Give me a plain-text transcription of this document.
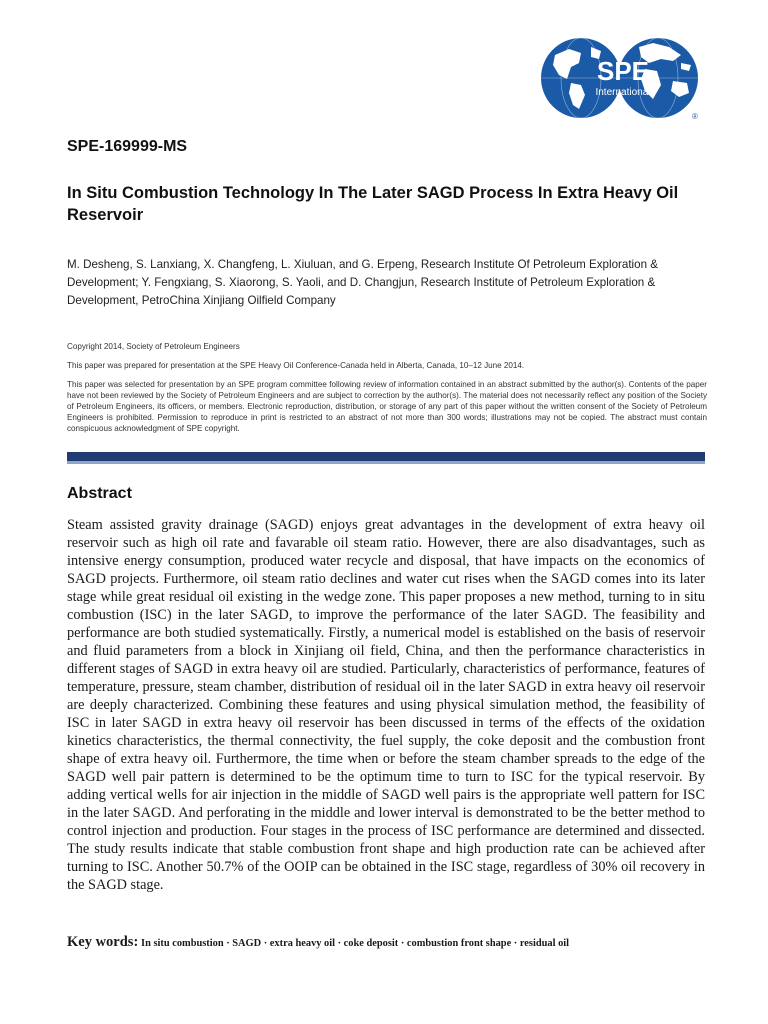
SPE
International
®
SPE-169999-MS
In Situ Combustion Technology In The Later SAGD Process In Extra Heavy Oil Reservoir
M. Desheng, S. Lanxiang, X. Changfeng, L. Xiuluan, and G. Erpeng, Research Institute Of Petroleum Exploration & Development; Y. Fengxiang, S. Xiaorong, S. Yaoli, and D. Changjun, Research Institute of Petroleum Exploration & Development, PetroChina Xinjiang Oilfield Company
Copyright 2014, Society of Petroleum Engineers
This paper was prepared for presentation at the SPE Heavy Oil Conference-Canada held in Alberta, Canada, 10–12 June 2014.
This paper was selected for presentation by an SPE program committee following review of information contained in an abstract submitted by the author(s). Contents of the paper have not been reviewed by the Society of Petroleum Engineers and are subject to correction by the author(s). The material does not necessarily reflect any position of the Society of Petroleum Engineers, its officers, or members. Electronic reproduction, distribution, or storage of any part of this paper without the written consent of the Society of Petroleum Engineers is prohibited. Permission to reproduce in print is restricted to an abstract of not more than 300 words; illustrations may not be copied. The abstract must contain conspicuous acknowledgment of SPE copyright.
Abstract
Steam assisted gravity drainage (SAGD) enjoys great advantages in the development of extra heavy oil reservoir such as high oil rate and favarable oil steam ratio. However, there are also disadvantages, such as intensive energy consumption, produced water recycle and disposal, that have impacts on the economics of SAGD projects. Furthermore, oil steam ratio declines and water cut rises when the SAGD comes into its later stage while great residual oil existing in the wedge zone. This paper proposes a new method, turning to in situ combustion (ISC) in the later SAGD, to improve the performance of the later SAGD. The feasibility and performance are both studied systematically. Firstly, a numerical model is established on the basis of reservoir and fluid parameters from a block in Xinjiang oil field, China, and then the performance characteristics in different stages of SAGD in extra heavy oil are studied. Particularly, characteristics of performance, features of temperature, pressure, steam chamber, distribution of residual oil in the later SAGD in extra heavy oil reservoir are deeply characterized. Combining these features and using physical simulation method, the feasibility of ISC in later SAGD in extra heavy oil reservoir has been discussed in terms of the effects of the oxidation kinetics characteristics, the thermal connectivity, the fuel supply, the coke deposit and the combustion front shape of extra heavy oil. Furthermore, the time when or before the steam chamber spreads to the edge of the SAGD well pair pattern is determined to be the optimum time to turn to ISC for the typical reservoir. By adding vertical wells for air injection in the middle of SAGD well pairs is the appropriate well pattern for ISC in the later SAGD. And perforating in the middle and lower interval is demonstrated to be the better method to control injection and production. Four stages in the process of ISC performance are determined and dissected. The study results indicate that stable combustion front shape and high production rate can be achieved after turning to ISC. Another 50.7% of the OOIP can be obtained in the ISC stage, regardless of 30% oil recovery in the SAGD stage.
Key words: In situ combustion · SAGD · extra heavy oil · coke deposit · combustion front shape · residual oil
